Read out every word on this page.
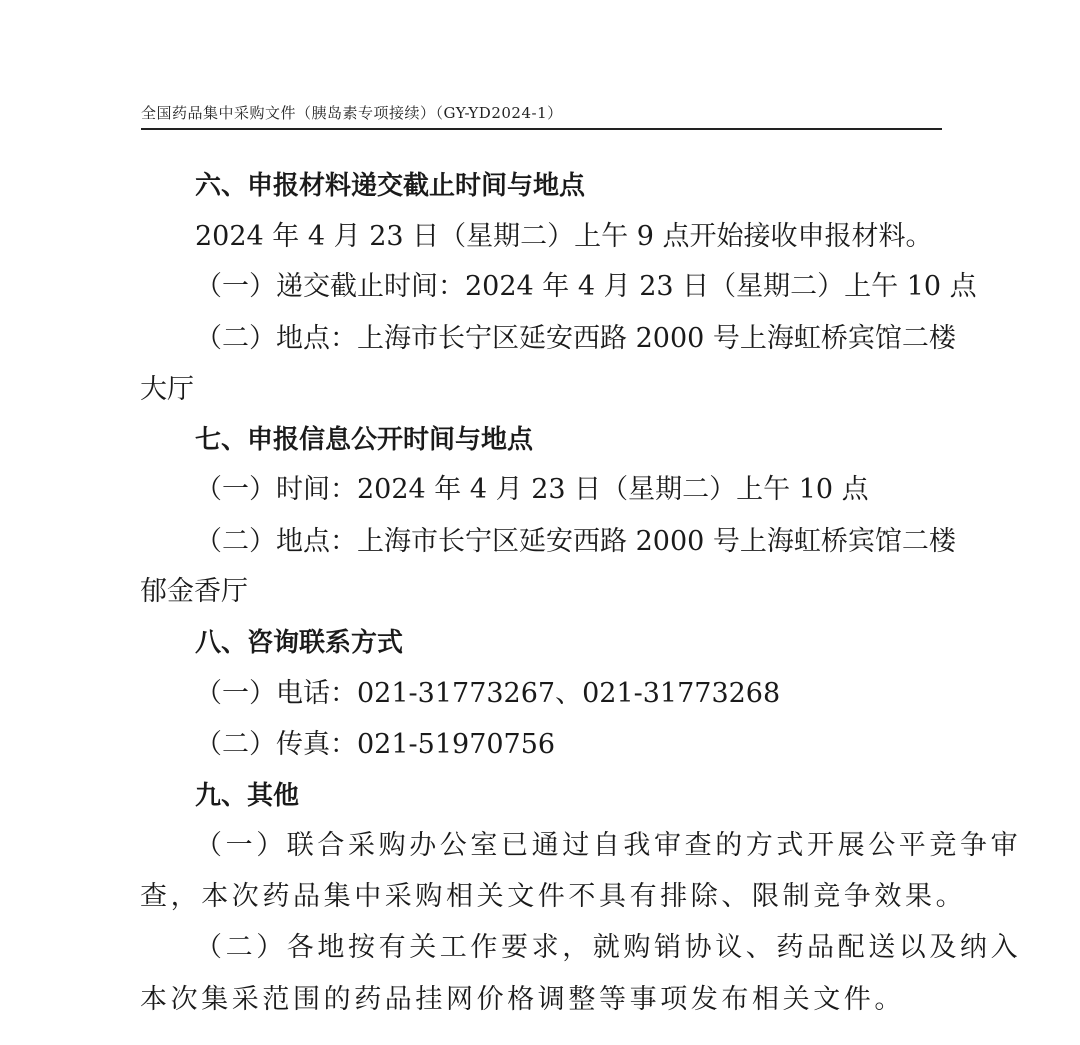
全国药品集中采购文件（胰岛素专项接续）（GY-YD2024-1）
六、申报材料递交截止时间与地点
2024 年 4 月 23 日（星期二）上午 9 点开始接收申报材料。
（一）递交截止时间：2024 年 4 月 23 日（星期二）上午 10 点
（二）地点：上海市长宁区延安西路 2000 号上海虹桥宾馆二楼
大厅
七、申报信息公开时间与地点
（一）时间：2024 年 4 月 23 日（星期二）上午 10 点
（二）地点：上海市长宁区延安西路 2000 号上海虹桥宾馆二楼
郁金香厅
八、咨询联系方式
（一）电话：021-31773267、021-31773268
（二）传真：021-51970756
九、其他
（一）联合采购办公室已通过自我审查的方式开展公平竞争审
查，本次药品集中采购相关文件不具有排除、限制竞争效果。
（二）各地按有关工作要求，就购销协议、药品配送以及纳入
本次集采范围的药品挂网价格调整等事项发布相关文件。
